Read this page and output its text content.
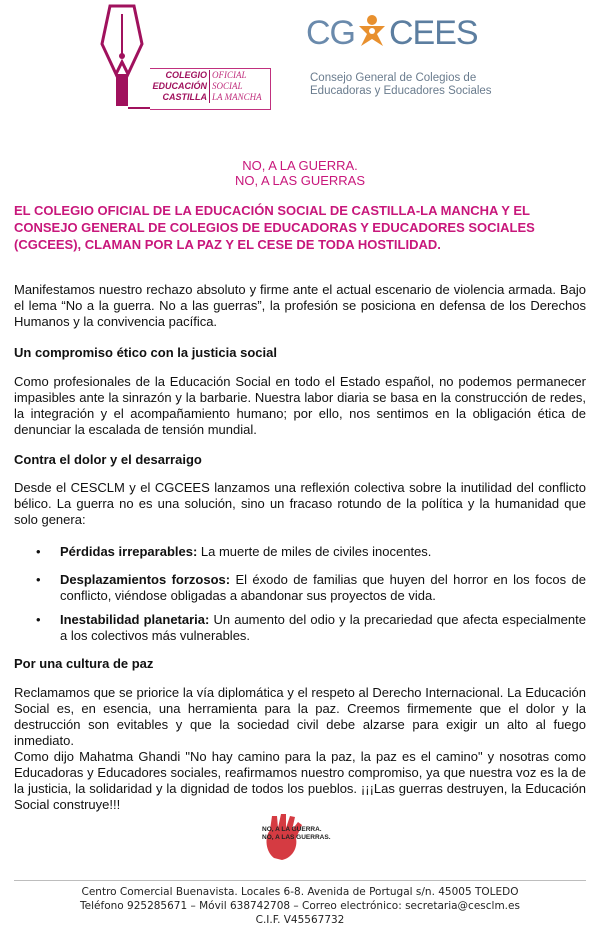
COLEGIO OFICIAL
EDUCACIÓN SOCIAL
CASTILLA LA MANCHA
CG CEES
Consejo General de Colegios de
Educadoras y Educadores Sociales
NO, A LA GUERRA.
NO, A LAS GUERRAS
EL COLEGIO OFICIAL DE LA EDUCACIÓN SOCIAL DE CASTILLA-LA MANCHA Y EL CONSEJO GENERAL DE COLEGIOS DE EDUCADORAS Y EDUCADORES SOCIALES (CGCEES), CLAMAN POR LA PAZ Y EL CESE DE TODA HOSTILIDAD.
Manifestamos nuestro rechazo absoluto y firme ante el actual escenario de violencia armada. Bajo el lema “No a la guerra. No a las guerras”, la profesión se posiciona en defensa de los Derechos Humanos y la convivencia pacífica.
Un compromiso ético con la justicia social
Como profesionales de la Educación Social en todo el Estado español, no podemos permanecer impasibles ante la sinrazón y la barbarie. Nuestra labor diaria se basa en la construcción de redes, la integración y el acompañamiento humano; por ello, nos sentimos en la obligación ética de denunciar la escalada de tensión mundial.
Contra el dolor y el desarraigo
Desde el CESCLM y el CGCEES lanzamos una reflexión colectiva sobre la inutilidad del conflicto bélico. La guerra no es una solución, sino un fracaso rotundo de la política y la humanidad que solo genera:
• Pérdidas irreparables: La muerte de miles de civiles inocentes.
• Desplazamientos forzosos: El éxodo de familias que huyen del horror en los focos de conflicto, viéndose obligadas a abandonar sus proyectos de vida.
• Inestabilidad planetaria: Un aumento del odio y la precariedad que afecta especialmente a los colectivos más vulnerables.
Por una cultura de paz
Reclamamos que se priorice la vía diplomática y el respeto al Derecho Internacional. La Educación Social es, en esencia, una herramienta para la paz. Creemos firmemente que el dolor y la destrucción son evitables y que la sociedad civil debe alzarse para exigir un alto al fuego inmediato.
Como dijo Mahatma Ghandi "No hay camino para la paz, la paz es el camino" y nosotras como Educadoras y Educadores sociales, reafirmamos nuestro compromiso, ya que nuestra voz es la de la justicia, la solidaridad y la dignidad de todos los pueblos. ¡¡¡Las guerras destruyen, la Educación Social construye!!!
NO, A LA GUERRA.
NO, A LAS GUERRAS.
Centro Comercial Buenavista. Locales 6-8. Avenida de Portugal s/n. 45005 TOLEDO
Teléfono 925285671 – Móvil 638742708 – Correo electrónico: secretaria@cesclm.es
C.I.F. V45567732
